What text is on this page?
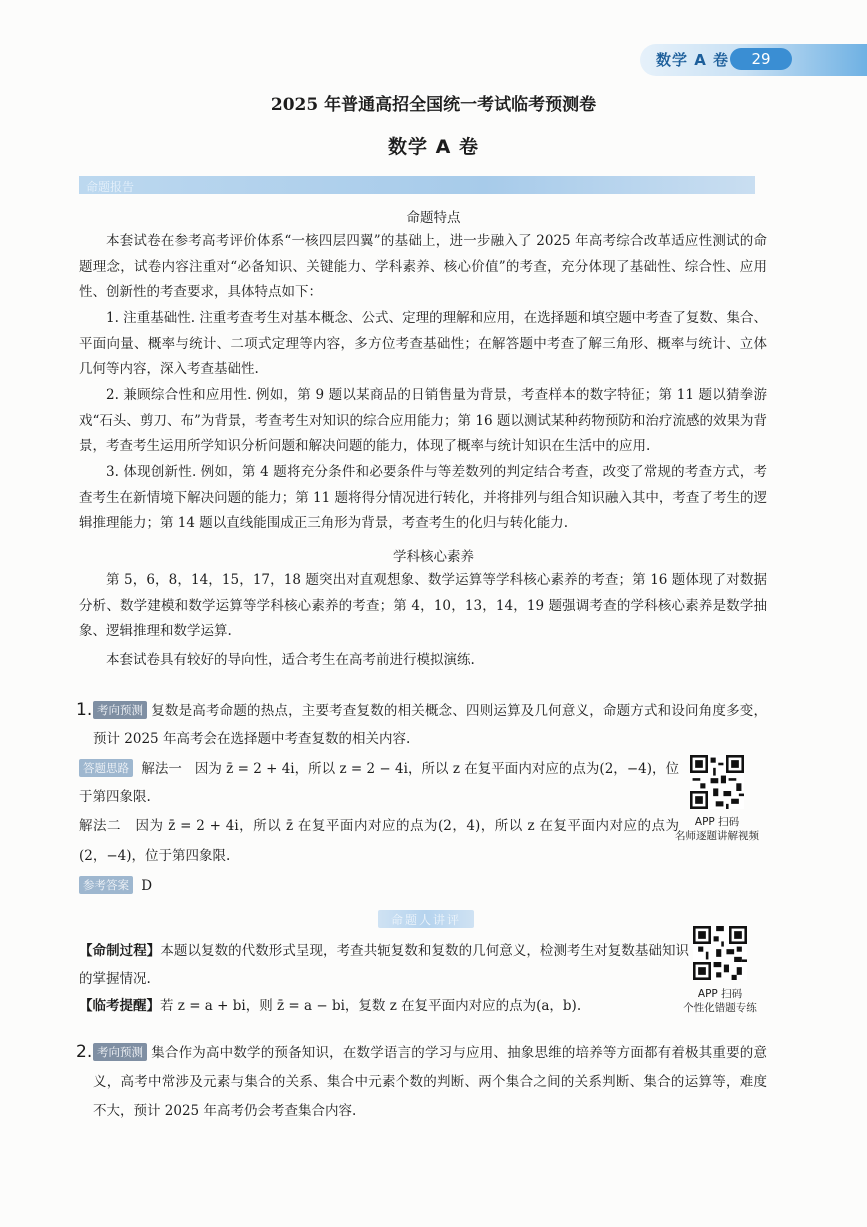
数学 A 卷	29
2025 年普通高招全国统一考试临考预测卷
数学 A 卷
命题报告
命题特点
本套试卷在参考高考评价体系“一核四层四翼”的基础上，进一步融入了 2025 年高考综合改革适应性测试的命题理念，试卷内容注重对“必备知识、关键能力、学科素养、核心价值”的考查，充分体现了基础性、综合性、应用性、创新性的考查要求，具体特点如下：
1. 注重基础性. 注重考查考生对基本概念、公式、定理的理解和应用，在选择题和填空题中考查了复数、集合、平面向量、概率与统计、二项式定理等内容，多方位考查基础性；在解答题中考查了解三角形、概率与统计、立体几何等内容，深入考查基础性.
2. 兼顾综合性和应用性. 例如，第 9 题以某商品的日销售量为背景，考查样本的数字特征；第 11 题以猜拳游戏“石头、剪刀、布”为背景，考查考生对知识的综合应用能力；第 16 题以测试某种药物预防和治疗流感的效果为背景，考查考生运用所学知识分析问题和解决问题的能力，体现了概率与统计知识在生活中的应用.
3. 体现创新性. 例如，第 4 题将充分条件和必要条件与等差数列的判定结合考查，改变了常规的考查方式，考查考生在新情境下解决问题的能力；第 11 题将得分情况进行转化，并将排列与组合知识融入其中，考查了考生的逻辑推理能力；第 14 题以直线能围成正三角形为背景，考查考生的化归与转化能力.
学科核心素养
第 5，6，8，14，15，17，18 题突出对直观想象、数学运算等学科核心素养的考查；第 16 题体现了对数据分析、数学建模和数学运算等学科核心素养的考查；第 4，10，13，14，19 题强调考查的学科核心素养是数学抽象、逻辑推理和数学运算.
本套试卷具有较好的导向性，适合考生在高考前进行模拟演练.
1. 考向预测 复数是高考命题的热点，主要考查复数的相关概念、四则运算及几何意义，命题方式和设问角度多变，预计 2025 年高考会在选择题中考查复数的相关内容.
答题思路 解法一 因为 z̄ = 2 + 4i，所以 z = 2 − 4i，所以 z 在复平面内对应的点为(2，−4)，位于第四象限.
解法二 因为 z̄ = 2 + 4i，所以 z̄ 在复平面内对应的点为(2，4)，所以 z 在复平面内对应的点为(2，−4)，位于第四象限.
参考答案 D
APP 扫码
名师逐题讲解视频
命题人讲评
【命制过程】本题以复数的代数形式呈现，考查共轭复数和复数的几何意义，检测考生对复数基础知识的掌握情况.
【临考提醒】若 z = a + bi，则 z̄ = a − bi，复数 z 在复平面内对应的点为(a，b).
APP 扫码
个性化错题专练
2. 考向预测 集合作为高中数学的预备知识，在数学语言的学习与应用、抽象思维的培养等方面都有着极其重要的意义，高考中常涉及元素与集合的关系、集合中元素个数的判断、两个集合之间的关系判断、集合的运算等，难度不大，预计 2025 年高考仍会考查集合内容.
